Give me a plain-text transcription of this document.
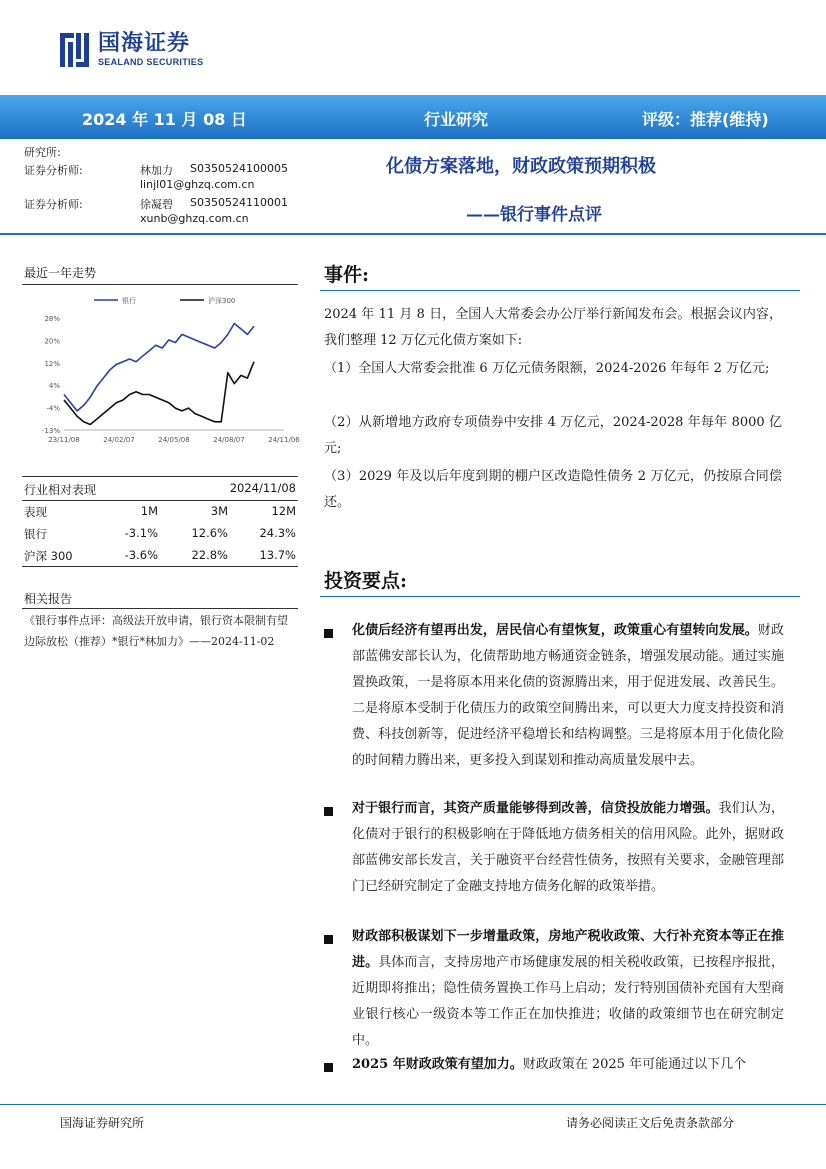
国海证券
SEALAND SECURITIES
2024 年 11 月 08 日	行业研究	评级：推荐(维持)
研究所:
证券分析师:	林加力 S0350524100005
linjl01@ghzq.com.cn
证券分析师:	徐凝碧 S0350524110001
xunb@ghzq.com.cn
化债方案落地，财政政策预期积极
——银行事件点评
最近一年走势
银行	沪深300
28%
20%
12%
4%
-4%
-13%
23/11/08	24/02/07	24/05/08	24/08/07	24/11/06
行业相对表现	2024/11/08
表现	1M	3M	12M
银行	-3.1%	12.6%	24.3%
沪深 300	-3.6%	22.8%	13.7%
相关报告
《银行事件点评：高级法开放申请，银行资本限制有望边际放松（推荐）*银行*林加力》——2024-11-02
事件:
2024 年 11 月 8 日，全国人大常委会办公厅举行新闻发布会。根据会议内容，我们整理 12 万亿元化债方案如下:
（1）全国人大常委会批准 6 万亿元债务限额，2024-2026 年每年 2 万亿元;
（2）从新增地方政府专项债券中安排 4 万亿元，2024-2028 年每年 8000 亿元;
（3）2029 年及以后年度到期的棚户区改造隐性债务 2 万亿元，仍按原合同偿还。
投资要点:
化债后经济有望再出发，居民信心有望恢复，政策重心有望转向发展。财政部蓝佛安部长认为，化债帮助地方畅通资金链条，增强发展动能。通过实施置换政策，一是将原本用来化债的资源腾出来，用于促进发展、改善民生。二是将原本受制于化债压力的政策空间腾出来，可以更大力度支持投资和消费、科技创新等，促进经济平稳增长和结构调整。三是将原本用于化债化险的时间精力腾出来，更多投入到谋划和推动高质量发展中去。
对于银行而言，其资产质量能够得到改善，信贷投放能力增强。我们认为，化债对于银行的积极影响在于降低地方债务相关的信用风险。此外，据财政部蓝佛安部长发言，关于融资平台经营性债务，按照有关要求，金融管理部门已经研究制定了金融支持地方债务化解的政策举措。
财政部积极谋划下一步增量政策，房地产税收政策、大行补充资本等正在推进。具体而言，支持房地产市场健康发展的相关税收政策，已按程序报批，近期即将推出；隐性债务置换工作马上启动；发行特别国债补充国有大型商业银行核心一级资本等工作正在加快推进；收储的政策细节也在研究制定中。
2025 年财政政策有望加力。财政政策在 2025 年可能通过以下几个
国海证券研究所	请务必阅读正文后免责条款部分
